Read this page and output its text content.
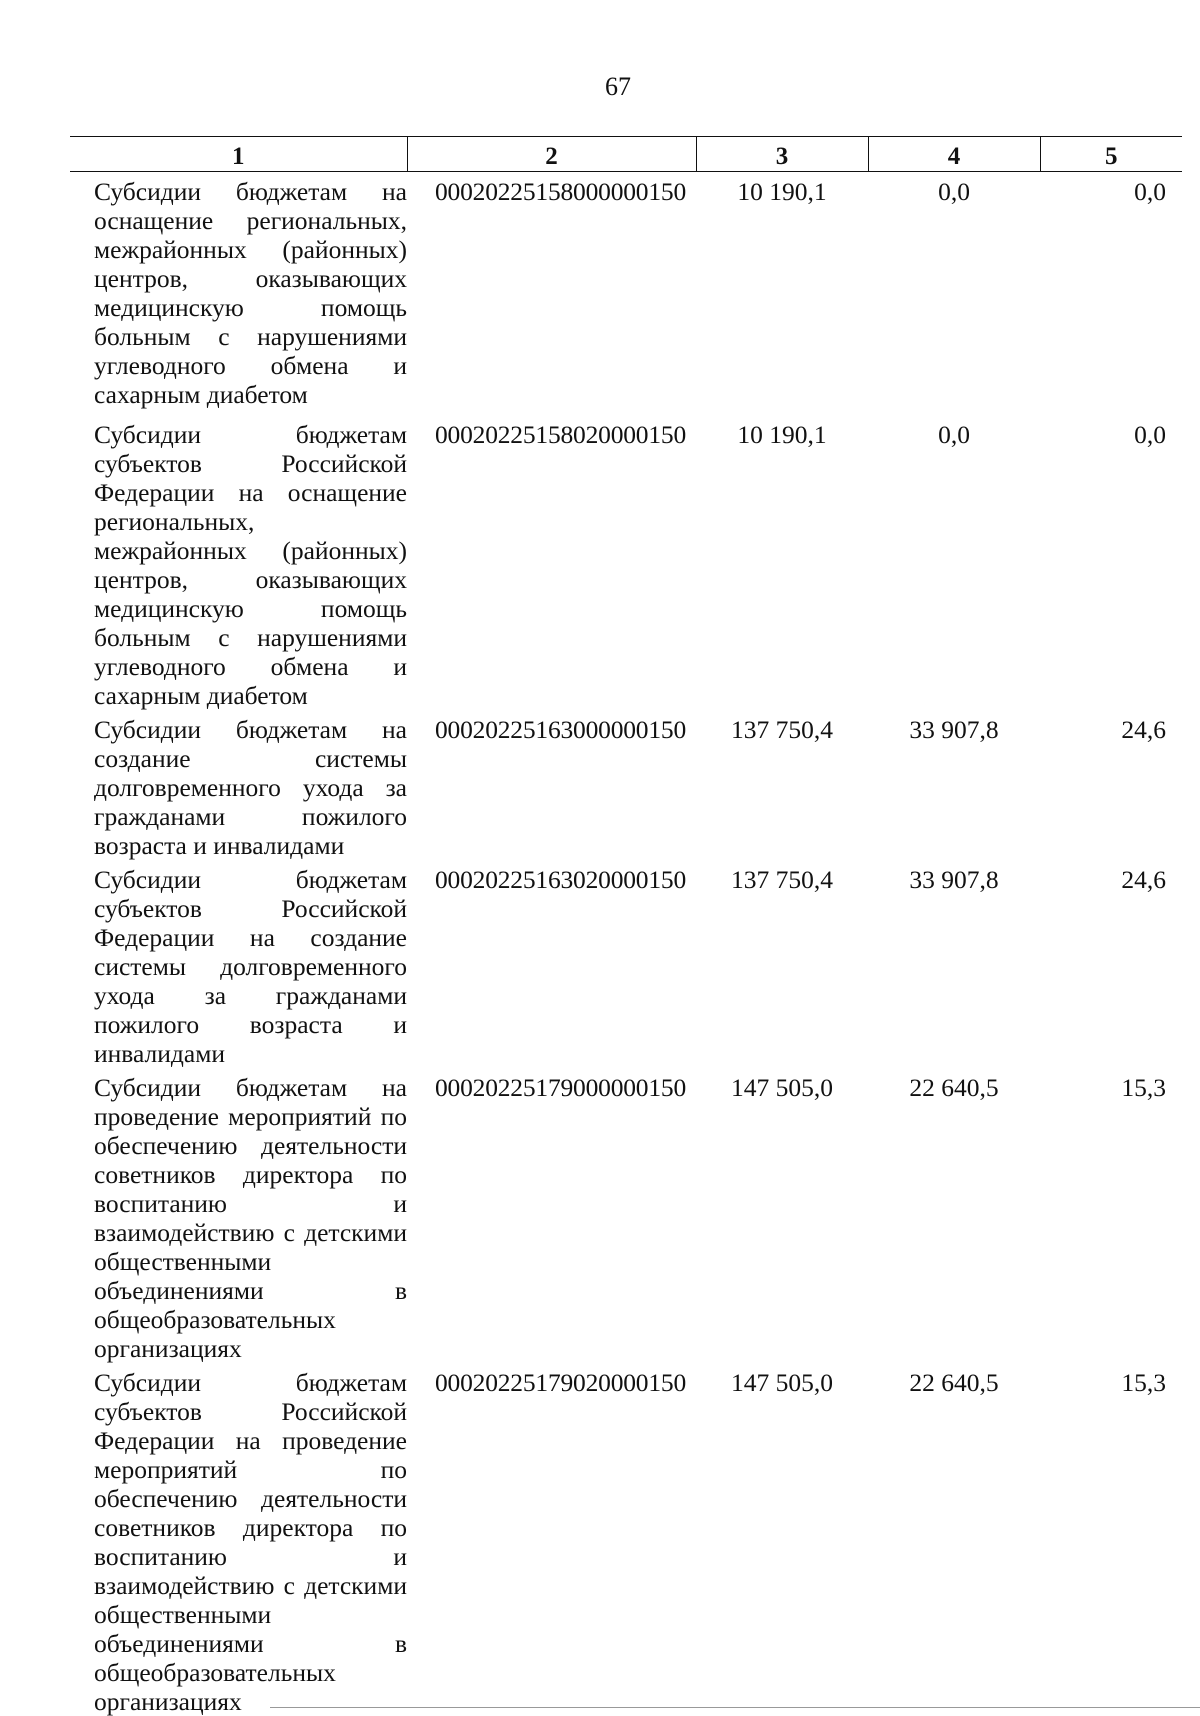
67
1	2	3	4	5
Субсидии бюджетам на оснащение региональных, межрайонных (районных) центров, оказывающих медицинскую помощь больным с нарушениями углеводного обмена и сахарным диабетом	00020225158000000150	10 190,1	0,0	0,0
Субсидии бюджетам субъектов Российской Федерации на оснащение региональных, межрайонных (районных) центров, оказывающих медицинскую помощь больным с нарушениями углеводного обмена и сахарным диабетом	00020225158020000150	10 190,1	0,0	0,0
Субсидии бюджетам на создание системы долговременного ухода за гражданами пожилого возраста и инвалидами	00020225163000000150	137 750,4	33 907,8	24,6
Субсидии бюджетам субъектов Российской Федерации на создание системы долговременного ухода за гражданами пожилого возраста и инвалидами	00020225163020000150	137 750,4	33 907,8	24,6
Субсидии бюджетам на проведение мероприятий по обеспечению деятельности советников директора по воспитанию и взаимодействию с детскими общественными объединениями в общеобразовательных организациях	00020225179000000150	147 505,0	22 640,5	15,3
Субсидии бюджетам субъектов Российской Федерации на проведение мероприятий по обеспечению деятельности советников директора по воспитанию и взаимодействию с детскими общественными объединениями в общеобразовательных организациях	00020225179020000150	147 505,0	22 640,5	15,3
